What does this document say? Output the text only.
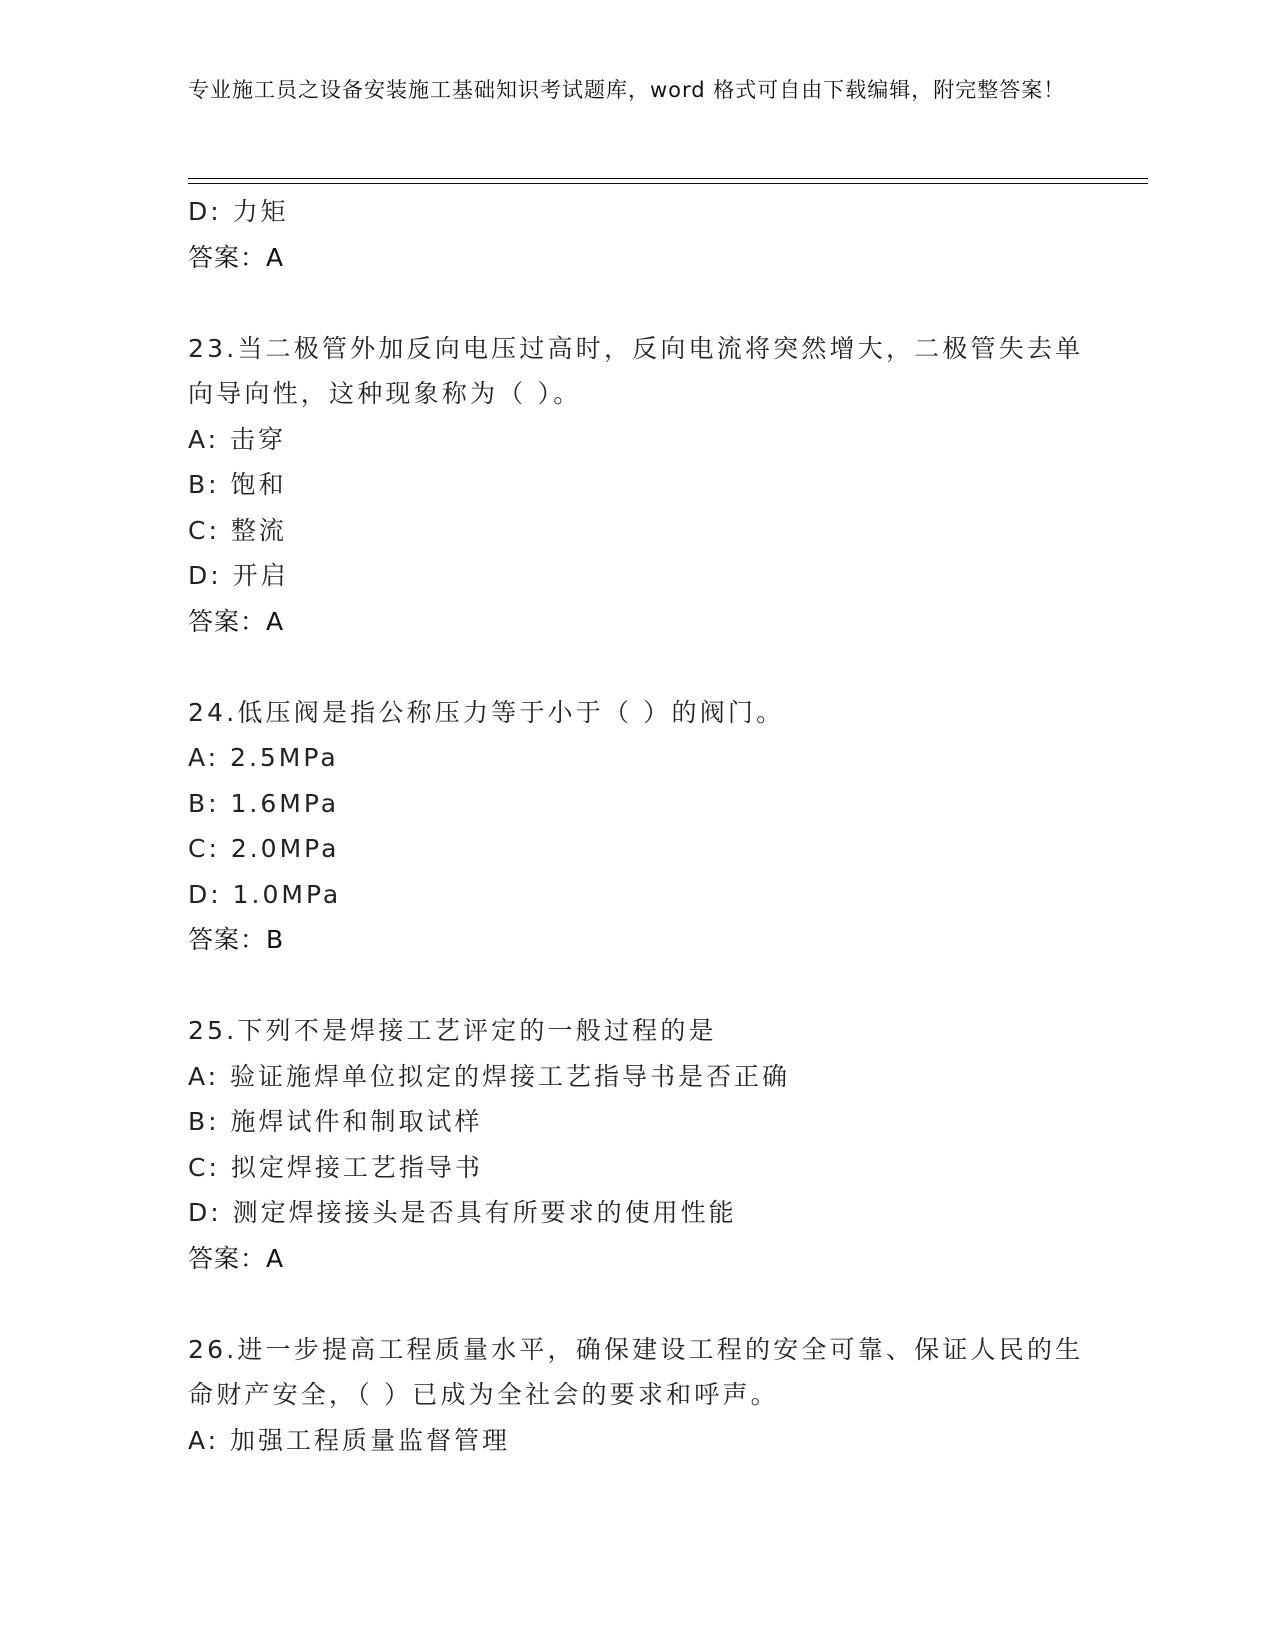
专业施工员之设备安装施工基础知识考试题库，word 格式可自由下载编辑，附完整答案！
D: 力矩
答案：A
23.当二极管外加反向电压过高时，反向电流将突然增大，二极管失去单向导向性，这种现象称为（ ）。
A: 击穿
B: 饱和
C: 整流
D: 开启
答案：A
24.低压阀是指公称压力等于小于（ ）的阀门。
A: 2.5MPa
B: 1.6MPa
C: 2.0MPa
D: 1.0MPa
答案：B
25.下列不是焊接工艺评定的一般过程的是
A: 验证施焊单位拟定的焊接工艺指导书是否正确
B: 施焊试件和制取试样
C: 拟定焊接工艺指导书
D: 测定焊接接头是否具有所要求的使用性能
答案：A
26.进一步提高工程质量水平，确保建设工程的安全可靠、保证人民的生命财产安全，（ ）已成为全社会的要求和呼声。
A: 加强工程质量监督管理
